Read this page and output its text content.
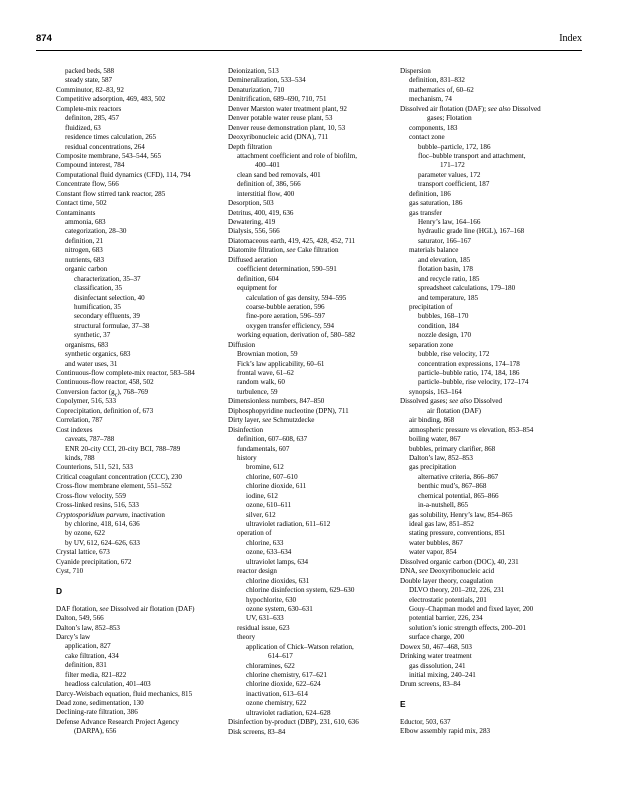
874	Index
packed beds, 588
steady state, 587
Comminutor, 82–83, 92
Competitive adsorption, 469, 483, 502
Complete-mix reactors
definiton, 285, 457
fluidized, 63
residence times calculation, 265
residual concentrations, 264
Composite membrane, 543–544, 565
Compound interest, 784
Computational fluid dynamics (CFD), 114, 794
Concentrate flow, 566
Constant flow stirred tank reactor, 285
Contact time, 502
Contaminants
ammonia, 683
categorization, 28–30
definition, 21
nitrogen, 683
nutrients, 683
organic carbon
characterization, 35–37
classification, 35
disinfectant selection, 40
humification, 35
secondary effluents, 39
structural formulae, 37–38
synthetic, 37
organisms, 683
synthetic organics, 683
and water uses, 31
Continuous-flow complete-mix reactor, 583–584
Continuous-flow reactor, 458, 502
Conversion factor $(g_c)$, 768–769
Copolymer, 516, 533
Coprecipitation, definition of, 673
Correlation, 787
Cost indexes
caveats, 787–788
ENR 20-city CCI, 20-city BCI, 788–789
kinds, 788
Counterions, 511, 521, 533
Critical coagulant concentration (CCC), 230
Cross-flow membrane element, 551–552
Cross-flow velocity, 559
Cross-linked resins, 516, 533
Cryptosporidium parvum, inactivation
by chlorine, 418, 614, 636
by ozone, 622
by UV, 612, 624–626, 633
Crystal lattice, 673
Cyanide precipitation, 672
Cyst, 710
D
DAF flotation, see Dissolved air flotation (DAF)
Dalton, 549, 566
Dalton’s law, 852–853
Darcy’s law
application, 827
cake filtration, 434
definition, 831
filter media, 821–822
headloss calculation, 401–403
Darcy-Weisbach equation, fluid mechanics, 815
Dead zone, sedimentation, 130
Declining-rate filtration, 386
Defense Advance Research Project Agency
(DARPA), 656
Deionization, 513
Demineralization, 533–534
Denaturization, 710
Denitrification, 689–690, 710, 751
Denver Marston water treatment plant, 92
Denver potable water reuse plant, 53
Denver reuse demonstration plant, 10, 53
Deoxyribonucleic acid (DNA), 711
Depth filtration
attachment coefficient and role of biofilm,
400–401
clean sand bed removals, 401
definition of, 386, 566
interstitial flow, 400
Desorption, 503
Detritus, 400, 419, 636
Dewatering, 419
Dialysis, 556, 566
Diatomaceous earth, 419, 425, 428, 452, 711
Diatomite filtration, see Cake filtration
Diffused aeration
coefficient determination, 590–591
definition, 604
equipment for
calculation of gas density, 594–595
coarse-bubble aeration, 596
fine-pore aeration, 596–597
oxygen transfer efficiency, 594
working equation, derivation of, 580–582
Diffusion
Brownian motion, 59
Fick’s law applicability, 60–61
frontal wave, 61–62
random walk, 60
turbulence, 59
Dimensionless numbers, 847–850
Diphosphopyridine nucleotine (DPN), 711
Dirty layer, see Schmutzdecke
Disinfection
definition, 607–608, 637
fundamentals, 607
history
bromine, 612
chlorine, 607–610
chlorine dioxide, 611
iodine, 612
ozone, 610–611
silver, 612
ultraviolet radiation, 611–612
operation of
chlorine, 633
ozone, 633–634
ultraviolet lamps, 634
reactor design
chlorine dioxides, 631
chlorine disinfection system, 629–630
hypochlorite, 630
ozone system, 630–631
UV, 631–633
residual issue, 623
theory
application of Chick–Watson relation,
614–617
chloramines, 622
chlorine chemistry, 617–621
chlorine dioxide, 622–624
inactivation, 613–614
ozone chemistry, 622
ultraviolet radiation, 624–628
Disinfection by-product (DBP), 231, 610, 636
Disk screens, 83–84
Dispersion
definition, 831–832
mathematics of, 60–62
mechanism, 74
Dissolved air flotation (DAF); see also Dissolved
gases; Flotation
components, 183
contact zone
bubble–particle, 172, 186
floc–bubble transport and attachment,
171–172
parameter values, 172
transport coefficient, 187
definition, 186
gas saturation, 186
gas transfer
Henry’s law, 164–166
hydraulic grade line (HGL), 167–168
saturator, 166–167
materials balance
and elevation, 185
flotation basin, 178
and recycle ratio, 185
spreadsheet calculations, 179–180
and temperature, 185
precipitation of
bubbles, 168–170
condition, 184
nozzle design, 170
separation zone
bubble, rise velocity, 172
concentration expressions, 174–178
particle–bubble ratio, 174, 184, 186
particle–bubble, rise velocity, 172–174
synopsis, 163–164
Dissolved gases; see also Dissolved
air flotation (DAF)
air binding, 868
atmospheric pressure vs elevation, 853–854
boiling water, 867
bubbles, primary clarifier, 868
Dalton’s law, 852–853
gas precipitation
alternative criteria, 866–867
benthic mud’s, 867–868
chemical potential, 865–866
in-a-nutshell, 865
gas solubility, Henry’s law, 854–865
ideal gas law, 851–852
stating pressure, conventions, 851
water bubbles, 867
water vapor, 854
Dissolved organic carbon (DOC), 40, 231
DNA, see Deoxyribonucleic acid
Double layer theory, coagulation
DLVO theory, 201–202, 226, 231
electrostatic potentials, 201
Gouy–Chapman model and fixed layer, 200
potential barrier, 226, 234
solution’s ionic strength effects, 200–201
surface charge, 200
Dowex 50, 467–468, 503
Drinking water treatment
gas dissolution, 241
initial mixing, 240–241
Drum screens, 83–84
E
Eductor, 503, 637
Elbow assembly rapid mix, 283
